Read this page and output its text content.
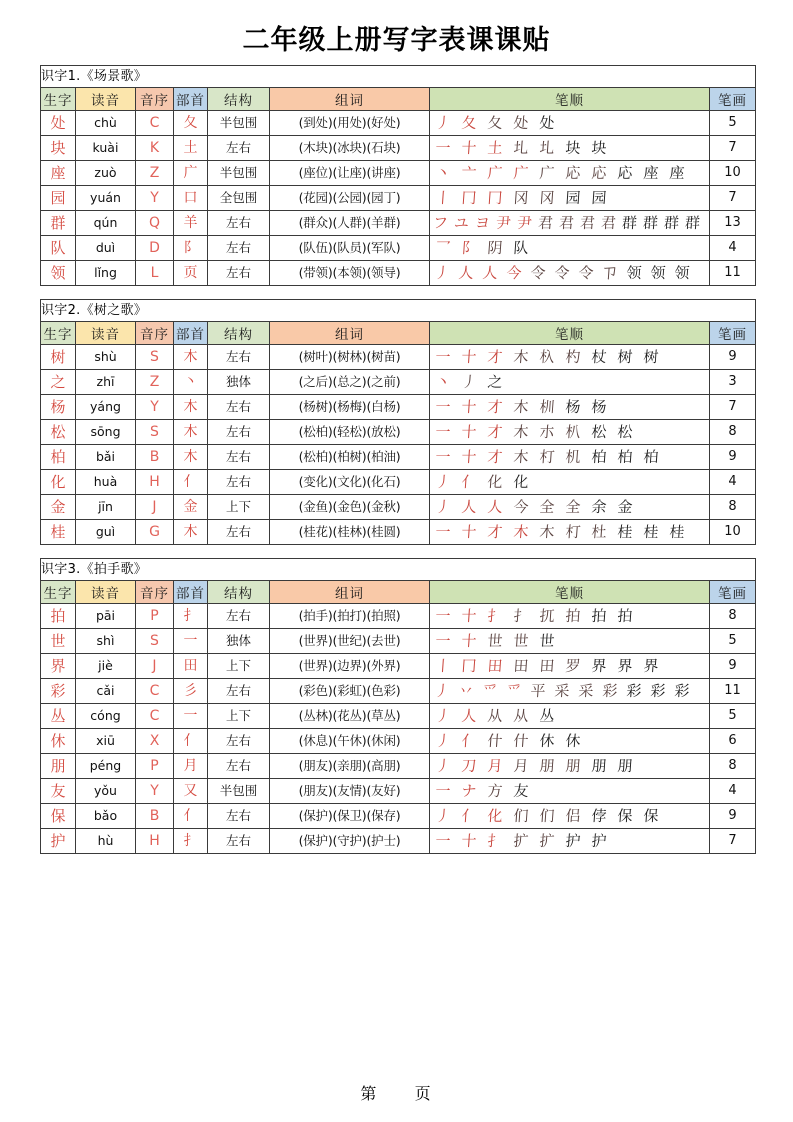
二年级上册写字表课课贴
识字1.《场景歌》							
生字	读音	音序	部首	结构	组词	笔顺	笔画
处	chù	C	夂	半包围	(到处)(用处)(好处)	丿 夂 夂 处 处	5
块	kuài	K	土	左右	(木块)(冰块)(石块)	一 十 土 圠 圠 块 块	7
座	zuò	Z	广	半包围	(座位)(让座)(讲座)	丶 亠 广 广 广 応 応 応 座 座	10
园	yuán	Y	口	全包围	(花园)(公园)(园丁)	丨 冂 冂 冈 冈 园 园	7
群	qún	Q	羊	左右	(群众)(人群)(羊群)	フ ユ ヨ 尹 尹 君 君 君 君 群 群 群 群	13
队	duì	D	阝	左右	(队伍)(队员)(军队)	乛 阝 阴 队	4
领	lǐng	L	页	左右	(带领)(本领)(领导)	丿 人 人 今 令 令 令 𰆊 领 领 领	11
识字2.《树之歌》							
生字	读音	音序	部首	结构	组词	笔顺	笔画
树	shù	S	木	左右	(树叶)(树林)(树苗)	一 十 才 木 杁 杓 杖 树 树	9
之	zhī	Z	丶	独体	(之后)(总之)(之前)	丶 丿 之	3
杨	yáng	Y	木	左右	(杨树)(杨梅)(白杨)	一 十 才 木 杊 杨 杨	7
松	sōng	S	木	左右	(松柏)(轻松)(放松)	一 十 才 木 朩 朳 松 松	8
柏	bǎi	B	木	左右	(松柏)(柏树)(柏油)	一 十 才 木 朾 机 柏 柏 柏	9
化	huà	H	亻	左右	(变化)(文化)(化石)	丿 亻 化 化	4
金	jīn	J	金	上下	(金鱼)(金色)(金秋)	丿 人 人 今 全 全 余 金	8
桂	guì	G	木	左右	(桂花)(桂林)(桂圆)	一 十 才 木 木 朾 杜 桂 桂 桂	10
识字3.《拍手歌》							
生字	读音	音序	部首	结构	组词	笔顺	笔画
拍	pāi	P	扌	左右	(拍手)(拍打)(拍照)	一 十 扌 扌 扤 拍 拍 拍	8
世	shì	S	一	独体	(世界)(世纪)(去世)	一 十 世 世 世	5
界	jiè	J	田	上下	(世界)(边界)(外界)	丨 冂 田 田 田 罗 界 界 界	9
彩	cǎi	C	彡	左右	(彩色)(彩虹)(色彩)	丿 丷 爫 爫 平 采 采 彩 彩 彩 彩	11
丛	cóng	C	一	上下	(丛林)(花丛)(草丛)	丿 人 从 从 丛	5
休	xiū	X	亻	左右	(休息)(午休)(休闲)	丿 亻 什 什 休 休	6
朋	péng	P	月	左右	(朋友)(亲朋)(高朋)	丿 刀 月 月 朋 朋 朋 朋	8
友	yǒu	Y	又	半包围	(朋友)(友情)(友好)	一 ナ 方 友	4
保	bǎo	B	亻	左右	(保护)(保卫)(保存)	丿 亻 化 们 们 侣 侼 保 保	9
护	hù	H	扌	左右	(保护)(守护)(护士)	一 十 扌 扩 扩 护 护	7
第 页
